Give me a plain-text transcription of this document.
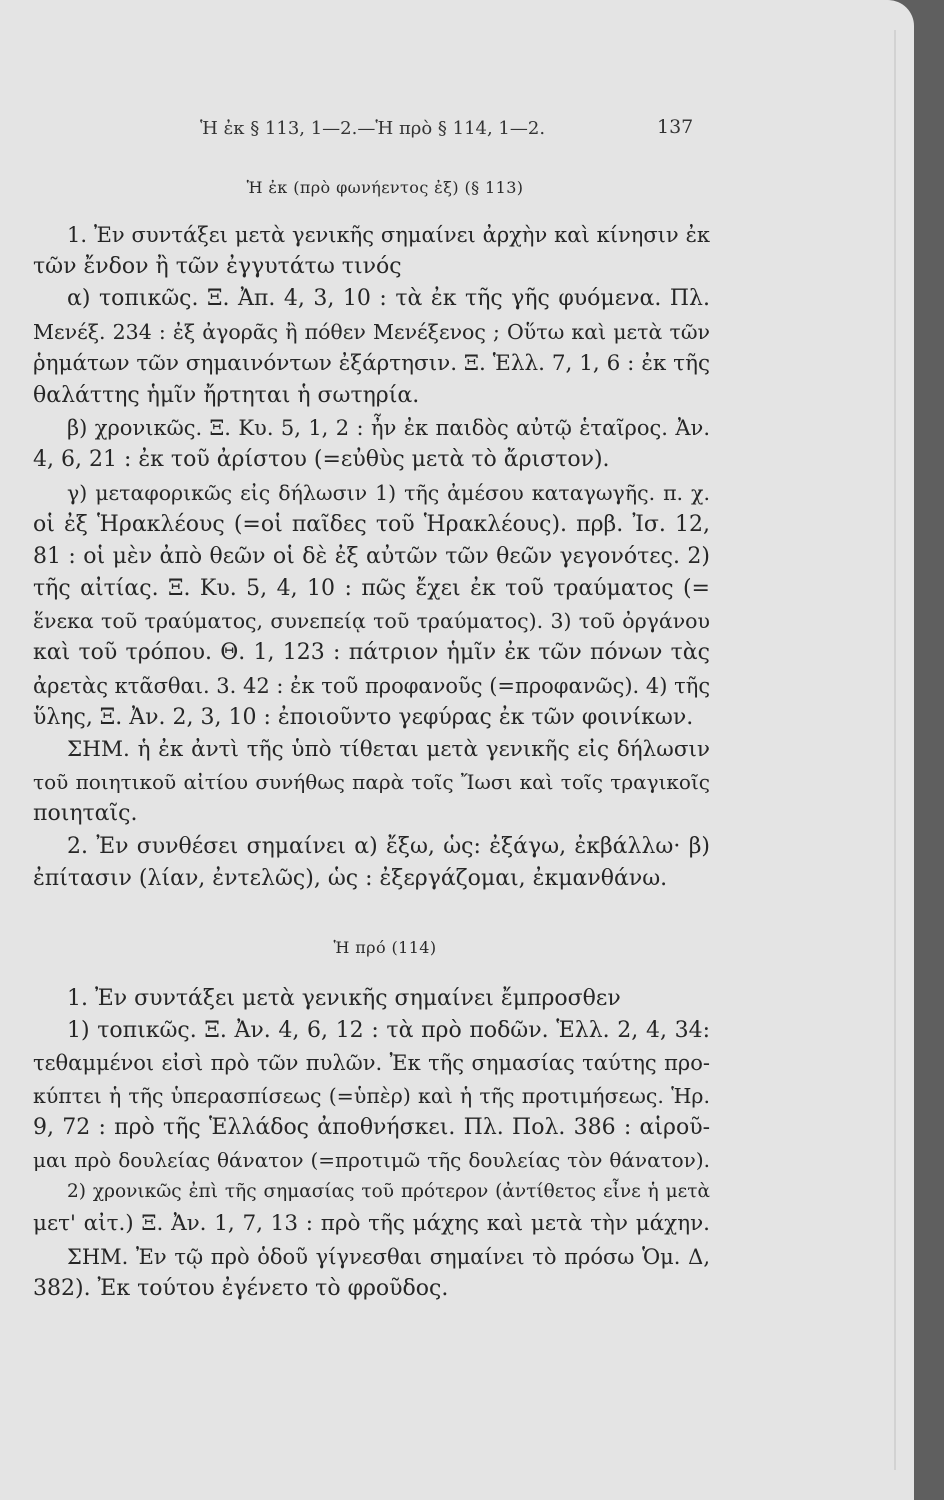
Ἡ ἐκ § 113, 1—2.—Ἡ πρὸ § 114, 1—2.	137
Ἡ ἐκ (πρὸ φωνήεντος ἐξ) (§ 113)
1. Ἐν συντάξει μετὰ γενικῆς σημαίνει ἀρχὴν καὶ κίνησιν ἐκ
τῶν ἔνδον ἢ τῶν ἐγγυτάτω τινός
α) τοπικῶς. Ξ. Ἀπ. 4, 3, 10 : τὰ ἐκ τῆς γῆς φυόμενα. Πλ.
Μενέξ. 234 : ἐξ ἀγορᾶς ἢ πόθεν Μενέξενος ; Οὕτω καὶ μετὰ τῶν
ῥημάτων τῶν σημαινόντων ἐξάρτησιν. Ξ. Ἑλλ. 7, 1, 6 : ἐκ τῆς
θαλάττης ἡμῖν ἤρτηται ἡ σωτηρία.
β) χρονικῶς. Ξ. Κυ. 5, 1, 2 : ἦν ἐκ παιδὸς αὐτῷ ἑταῖρος. Ἀν.
4, 6, 21 : ἐκ τοῦ ἀρίστου (=εὐθὺς μετὰ τὸ ἄριστον).
γ) μεταφορικῶς εἰς δήλωσιν 1) τῆς ἀμέσου καταγωγῆς. π. χ.
οἱ ἐξ Ἡρακλέους (=οἱ παῖδες τοῦ Ἡρακλέους). πρβ. Ἰσ. 12,
81 : οἱ μὲν ἀπὸ θεῶν οἱ δὲ ἐξ αὐτῶν τῶν θεῶν γεγονότες. 2)
τῆς αἰτίας. Ξ. Κυ. 5, 4, 10 : πῶς ἔχει ἐκ τοῦ τραύματος (=
ἕνεκα τοῦ τραύματος, συνεπείᾳ τοῦ τραύματος). 3) τοῦ ὀργάνου
καὶ τοῦ τρόπου. Θ. 1, 123 : πάτριον ἡμῖν ἐκ τῶν πόνων τὰς
ἀρετὰς κτᾶσθαι. 3. 42 : ἐκ τοῦ προφανοῦς (=προφανῶς). 4) τῆς
ὕλης, Ξ. Ἀν. 2, 3, 10 : ἐποιοῦντο γεφύρας ἐκ τῶν φοινίκων.
ΣΗΜ. ἡ ἐκ ἀντὶ τῆς ὑπὸ τίθεται μετὰ γενικῆς εἰς δήλωσιν
τοῦ ποιητικοῦ αἰτίου συνήθως παρὰ τοῖς Ἴωσι καὶ τοῖς τραγικοῖς
ποιηταῖς.
2. Ἐν συνθέσει σημαίνει α) ἔξω, ὡς: ἐξάγω, ἐκβάλλω· β)
ἐπίτασιν (λίαν, ἐντελῶς), ὡς : ἐξεργάζομαι, ἐκμανθάνω.
Ἡ πρό (114)
1. Ἐν συντάξει μετὰ γενικῆς σημαίνει ἔμπροσθεν
1) τοπικῶς. Ξ. Ἀν. 4, 6, 12 : τὰ πρὸ ποδῶν. Ἑλλ. 2, 4, 34:
τεθαμμένοι εἰσὶ πρὸ τῶν πυλῶν. Ἐκ τῆς σημασίας ταύτης προ-
κύπτει ἡ τῆς ὑπερασπίσεως (=ὑπὲρ) καὶ ἡ τῆς προτιμήσεως. Ἡρ.
9, 72 : πρὸ τῆς Ἑλλάδος ἀποθνήσκει. Πλ. Πολ. 386 : αἱροῦ-
μαι πρὸ δουλείας θάνατον (=προτιμῶ τῆς δουλείας τὸν θάνατον).
2) χρονικῶς ἐπὶ τῆς σημασίας τοῦ πρότερον (ἀντίθετος εἶνε ἡ μετὰ
μετ' αἰτ.) Ξ. Ἀν. 1, 7, 13 : πρὸ τῆς μάχης καὶ μετὰ τὴν μάχην.
ΣΗΜ. Ἐν τῷ πρὸ ὁδοῦ γίγνεσθαι σημαίνει τὸ πρόσω Ὁμ. Δ,
382). Ἐκ τούτου ἐγένετο τὸ φροῦδος.
